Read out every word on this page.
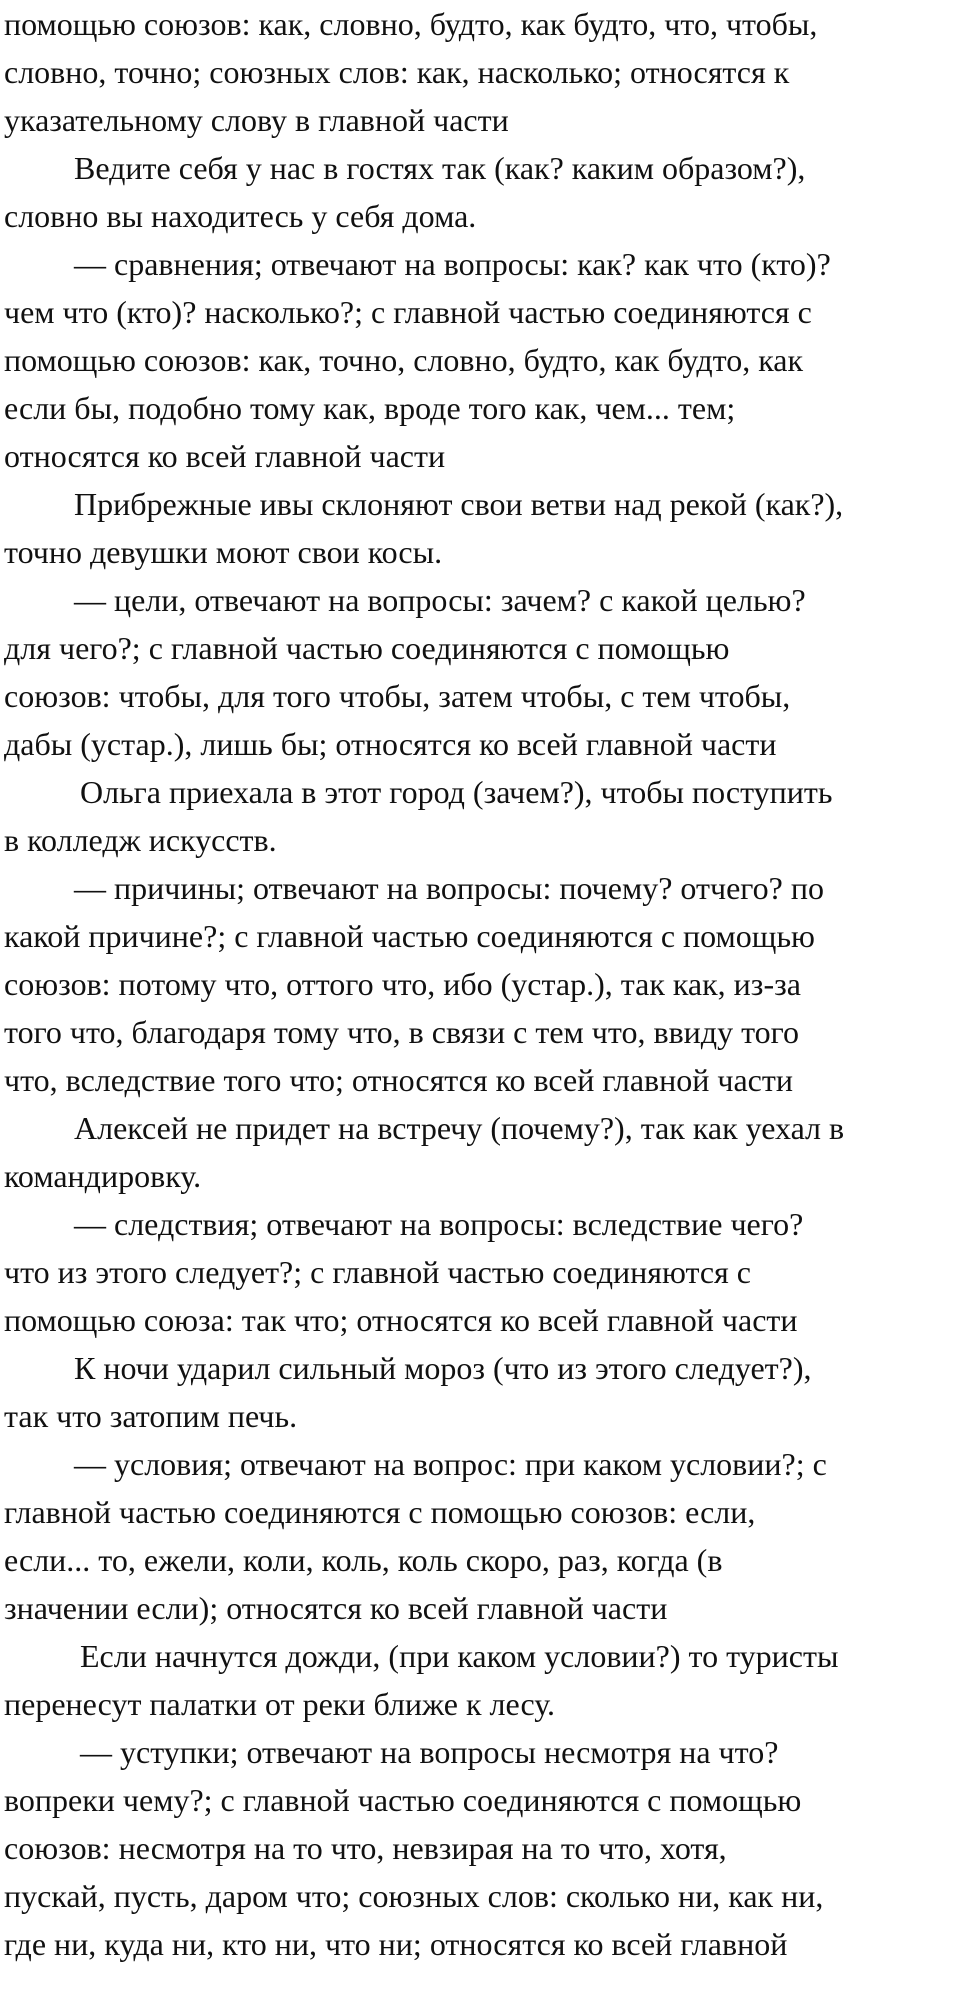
помощью союзов: как, словно, будто, как будто, что, чтобы,
словно, точно; союзных слов: как, насколько; относятся к
указательному слову в главной части
Ведите себя у нас в гостях так (как? каким образом?),
словно вы находитесь у себя дома.
— сравнения; отвечают на вопросы: как? как что (кто)?
чем что (кто)? насколько?; с главной частью соединяются с
помощью союзов: как, точно, словно, будто, как будто, как
если бы, подобно тому как, вроде того как, чем... тем;
относятся ко всей главной части
Прибрежные ивы склоняют свои ветви над рекой (как?),
точно девушки моют свои косы.
— цели, отвечают на вопросы: зачем? с какой целью?
для чего?; с главной частью соединяются с помощью
союзов: чтобы, для того чтобы, затем чтобы, с тем чтобы,
дабы (устар.), лишь бы; относятся ко всей главной части
Ольга приехала в этот город (зачем?), чтобы поступить
в колледж искусств.
— причины; отвечают на вопросы: почему? отчего? по
какой причине?; с главной частью соединяются с помощью
союзов: потому что, оттого что, ибо (устар.), так как, из-за
того что, благодаря тому что, в связи с тем что, ввиду того
что, вследствие того что; относятся ко всей главной части
Алексей не придет на встречу (почему?), так как уехал в
командировку.
— следствия; отвечают на вопросы: вследствие чего?
что из этого следует?; с главной частью соединяются с
помощью союза: так что; относятся ко всей главной части
К ночи ударил сильный мороз (что из этого следует?),
так что затопим печь.
— условия; отвечают на вопрос: при каком условии?; с
главной частью соединяются с помощью союзов: если,
если... то, ежели, коли, коль, коль скоро, раз, когда (в
значении если); относятся ко всей главной части
Если начнутся дожди, (при каком условии?) то туристы
перенесут палатки от реки ближе к лесу.
— уступки; отвечают на вопросы несмотря на что?
вопреки чему?; с главной частью соединяются с помощью
союзов: несмотря на то что, невзирая на то что, хотя,
пускай, пусть, даром что; союзных слов: сколько ни, как ни,
где ни, куда ни, кто ни, что ни; относятся ко всей главной
